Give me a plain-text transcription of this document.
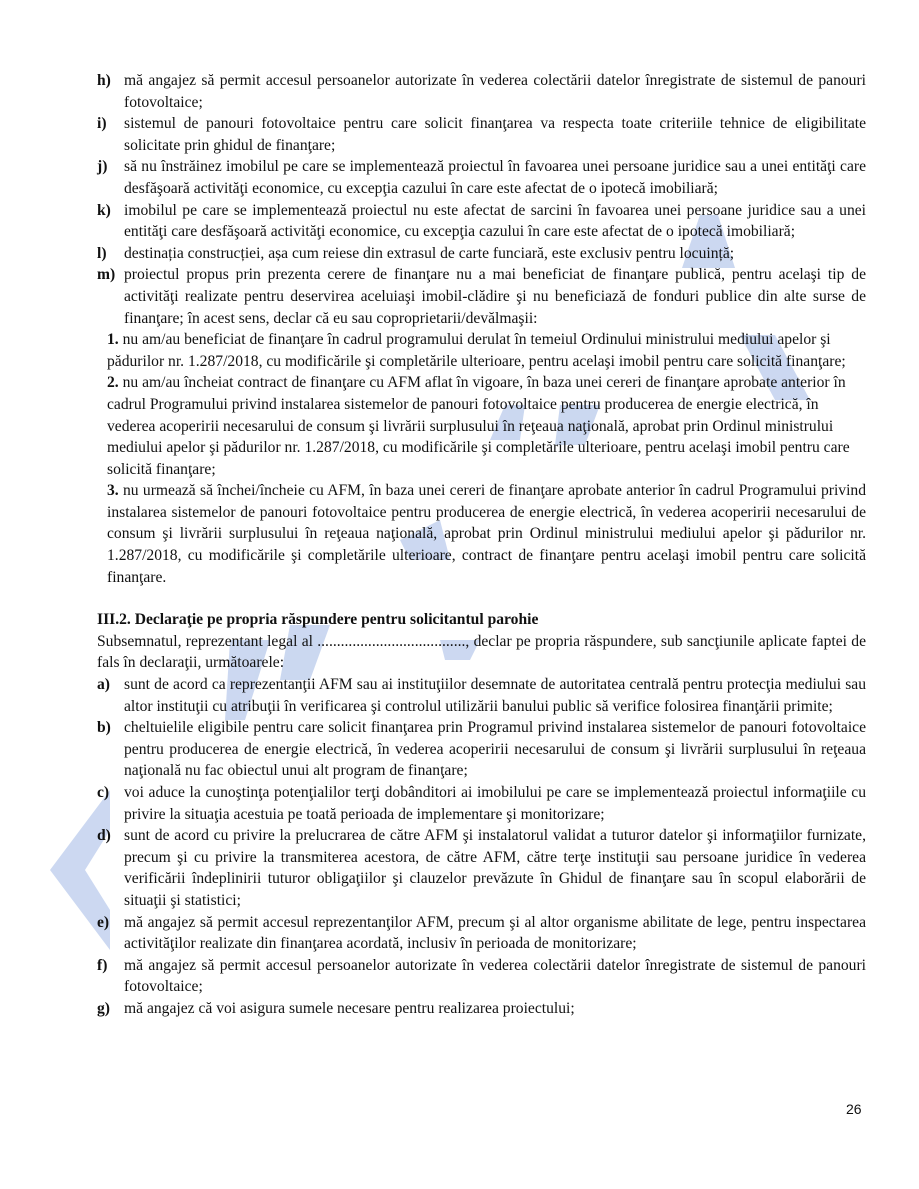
h) mă angajez să permit accesul persoanelor autorizate în vederea colectării datelor înregistrate de sistemul de panouri fotovoltaice;
i)	sistemul de panouri fotovoltaice pentru care solicit finanţarea va respecta toate criteriile tehnice de eligibilitate solicitate prin ghidul de finanţare;
j)	să nu înstrăinez imobilul pe care se implementează proiectul în favoarea unei persoane juridice sau a unei entităţi care desfăşoară activităţi economice, cu excepţia cazului în care este afectat de o ipotecă imobiliară;
k) imobilul pe care se implementează proiectul nu este afectat de sarcini în favoarea unei persoane juridice sau a unei entităţi care desfăşoară activităţi economice, cu excepţia cazului în care este afectat de o ipotecă imobiliară;
l)	destinația construcției, așa cum reiese din extrasul de carte funciară, este exclusiv pentru locuință;
m) proiectul propus prin prezenta cerere de finanţare nu a mai beneficiat de finanţare publică, pentru acelaşi tip de activităţi realizate pentru deservirea aceluiaşi imobil-clădire şi nu beneficiază de fonduri publice din alte surse de finanţare; în acest sens, declar că eu sau coproprietarii/devălmaşii:
1. nu am/au beneficiat de finanţare în cadrul programului derulat în temeiul Ordinului ministrului mediului apelor şi pădurilor nr. 1.287/2018, cu modificările şi completările ulterioare, pentru acelaşi imobil pentru care solicită finanţare;
2. nu am/au încheiat contract de finanţare cu AFM aflat în vigoare, în baza unei cereri de finanţare aprobate anterior în cadrul Programului privind instalarea sistemelor de panouri fotovoltaice pentru producerea de energie electrică, în vederea acoperirii necesarului de consum şi livrării surplusului în reţeaua naţională, aprobat prin Ordinul ministrului mediului apelor şi pădurilor nr. 1.287/2018, cu modificările şi completările ulterioare, pentru acelaşi imobil pentru care solicită finanţare;
3. nu urmează să închei/încheie cu AFM, în baza unei cereri de finanţare aprobate anterior în cadrul Programului privind instalarea sistemelor de panouri fotovoltaice pentru producerea de energie electrică, în vederea acoperirii necesarului de consum şi livrării surplusului în reţeaua naţională, aprobat prin Ordinul ministrului mediului apelor şi pădurilor nr. 1.287/2018, cu modificările şi completările ulterioare, contract de finanţare pentru acelaşi imobil pentru care solicită finanţare.
III.2. Declaraţie pe propria răspundere pentru solicitantul parohie
Subsemnatul, reprezentant legal al ......................................, declar pe propria răspundere, sub sancţiunile aplicate faptei de fals în declaraţii, următoarele:
a) sunt de acord ca reprezentanţii AFM sau ai instituţiilor desemnate de autoritatea centrală pentru protecţia mediului sau altor instituţii cu atribuţii în verificarea şi controlul utilizării banului public să verifice folosirea finanţării primite;
b) cheltuielile eligibile pentru care solicit finanţarea prin Programul privind instalarea sistemelor de panouri fotovoltaice pentru producerea de energie electrică, în vederea acoperirii necesarului de consum şi livrării surplusului în reţeaua naţională nu fac obiectul unui alt program de finanţare;
c) voi aduce la cunoştinţa potenţialilor terţi dobânditori ai imobilului pe care se implementează proiectul informaţiile cu privire la situaţia acestuia pe toată perioada de implementare şi monitorizare;
d) sunt de acord cu privire la prelucrarea de către AFM şi instalatorul validat a tuturor datelor şi informaţiilor furnizate, precum şi cu privire la transmiterea acestora, de către AFM, către terţe instituţii sau persoane juridice în vederea verificării îndeplinirii tuturor obligaţiilor şi clauzelor prevăzute în Ghidul de finanţare sau în scopul elaborării de situaţii şi statistici;
e) mă angajez să permit accesul reprezentanţilor AFM, precum şi al altor organisme abilitate de lege, pentru inspectarea activităţilor realizate din finanţarea acordată, inclusiv în perioada de monitorizare;
f)	mă angajez să permit accesul persoanelor autorizate în vederea colectării datelor înregistrate de sistemul de panouri fotovoltaice;
g) mă angajez că voi asigura sumele necesare pentru realizarea proiectului;
26
